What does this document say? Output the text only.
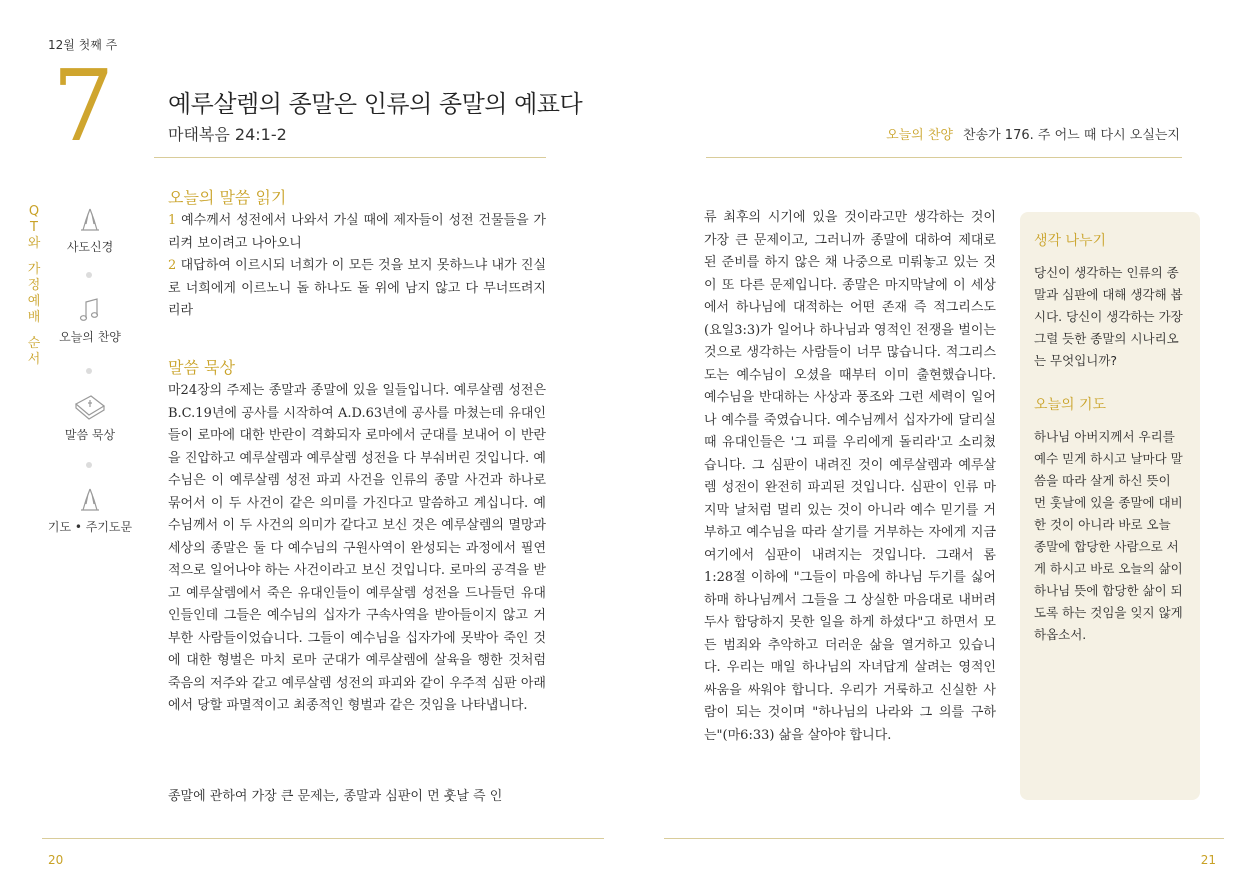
12월 첫째 주
7 예루살렘의 종말은 인류의 종말의 예표다
마태복음 24:1-2	오늘의 찬양 찬송가 176. 주 어느 때 다시 오실는지
Q
T
와
가
정
예
배
순
서
사도신경
오늘의 찬양
말씀 묵상
기도 • 주기도문
오늘의 말씀 읽기

1 예수께서 성전에서 나와서 가실 때에 제자들이 성전 건물들을 가리켜 보이려고 나아오니

2 대답하여 이르시되 너희가 이 모든 것을 보지 못하느냐 내가 진실로 너희에게 이르노니 돌 하나도 돌 위에 남지 않고 다 무너뜨려지리라

말씀 묵상

마24장의 주제는 종말과 종말에 있을 일들입니다. 예루살렘 성전은 B.C.19년에 공사를 시작하여 A.D.63년에 공사를 마쳤는데 유대인들이 로마에 대한 반란이 격화되자 로마에서 군대를 보내어 이 반란을 진압하고 예루살렘과 예루살렘 성전을 다 부숴버린 것입니다. 예수님은 이 예루살렘 성전 파괴 사건을 인류의 종말 사건과 하나로 묶어서 이 두 사건이 같은 의미를 가진다고 말씀하고 계십니다. 예수님께서 이 두 사건의 의미가 같다고 보신 것은 예루살렘의 멸망과 세상의 종말은 둘 다 예수님의 구원사역이 완성되는 과정에서 필연적으로 일어나야 하는 사건이라고 보신 것입니다. 로마의 공격을 받고 예루살렘에서 죽은 유대인들이 예루살렘 성전을 드나들던 유대인들인데 그들은 예수님의 십자가 구속사역을 받아들이지 않고 거부한 사람들이었습니다. 그들이 예수님을 십자가에 못박아 죽인 것에 대한 형벌은 마치 로마 군대가 예루살렘에 살육을 행한 것처럼 죽음의 저주와 같고 예루살렘 성전의 파괴와 같이 우주적 심판 아래에서 당할 파멸적이고 최종적인 형벌과 같은 것임을 나타냅니다.

종말에 관하여 가장 큰 문제는, 종말과 심판이 먼 훗날 즉 인

류 최후의 시기에 있을 것이라고만 생각하는 것이 가장 큰 문제이고, 그러니까 종말에 대하여 제대로 된 준비를 하지 않은 채 나중으로 미뤄놓고 있는 것이 또 다른 문제입니다. 종말은 마지막날에 이 세상에서 하나님에 대적하는 어떤 존재 즉 적그리스도(요일3:3)가 일어나 하나님과 영적인 전쟁을 벌이는 것으로 생각하는 사람들이 너무 많습니다. 적그리스도는 예수님이 오셨을 때부터 이미 출현했습니다. 예수님을 반대하는 사상과 풍조와 그런 세력이 일어나 예수를 죽였습니다. 예수님께서 십자가에 달리실 때 유대인들은 '그 피를 우리에게 돌리라'고 소리쳤습니다. 그 심판이 내려진 것이 예루살렘과 예루살렘 성전이 완전히 파괴된 것입니다. 심판이 인류 마지막 날처럼 멀리 있는 것이 아니라 예수 믿기를 거부하고 예수님을 따라 살기를 거부하는 자에게 지금 여기에서 심판이 내려지는 것입니다. 그래서 롬1:28절 이하에 "그들이 마음에 하나님 두기를 싫어하매 하나님께서 그들을 그 상실한 마음대로 내버려 두사 합당하지 못한 일을 하게 하셨다"고 하면서 모든 범죄와 추악하고 더러운 삶을 열거하고 있습니다. 우리는 매일 하나님의 자녀답게 살려는 영적인 싸움을 싸워야 합니다. 우리가 거룩하고 신실한 사람이 되는 것이며 "하나님의 나라와 그 의를 구하는"(마6:33) 삶을 살아야 합니다.

생각 나누기

당신이 생각하는 인류의 종말과 심판에 대해 생각해 봅시다. 당신이 생각하는 가장 그럴 듯한 종말의 시나리오는 무엇입니까?

오늘의 기도

하나님 아버지께서 우리를 예수 믿게 하시고 날마다 말씀을 따라 살게 하신 뜻이 먼 훗날에 있을 종말에 대비한 것이 아니라 바로 오늘 종말에 합당한 사람으로 서게 하시고 바로 오늘의 삶이 하나님 뜻에 합당한 삶이 되도록 하는 것임을 잊지 않게 하옵소서.

20	21
